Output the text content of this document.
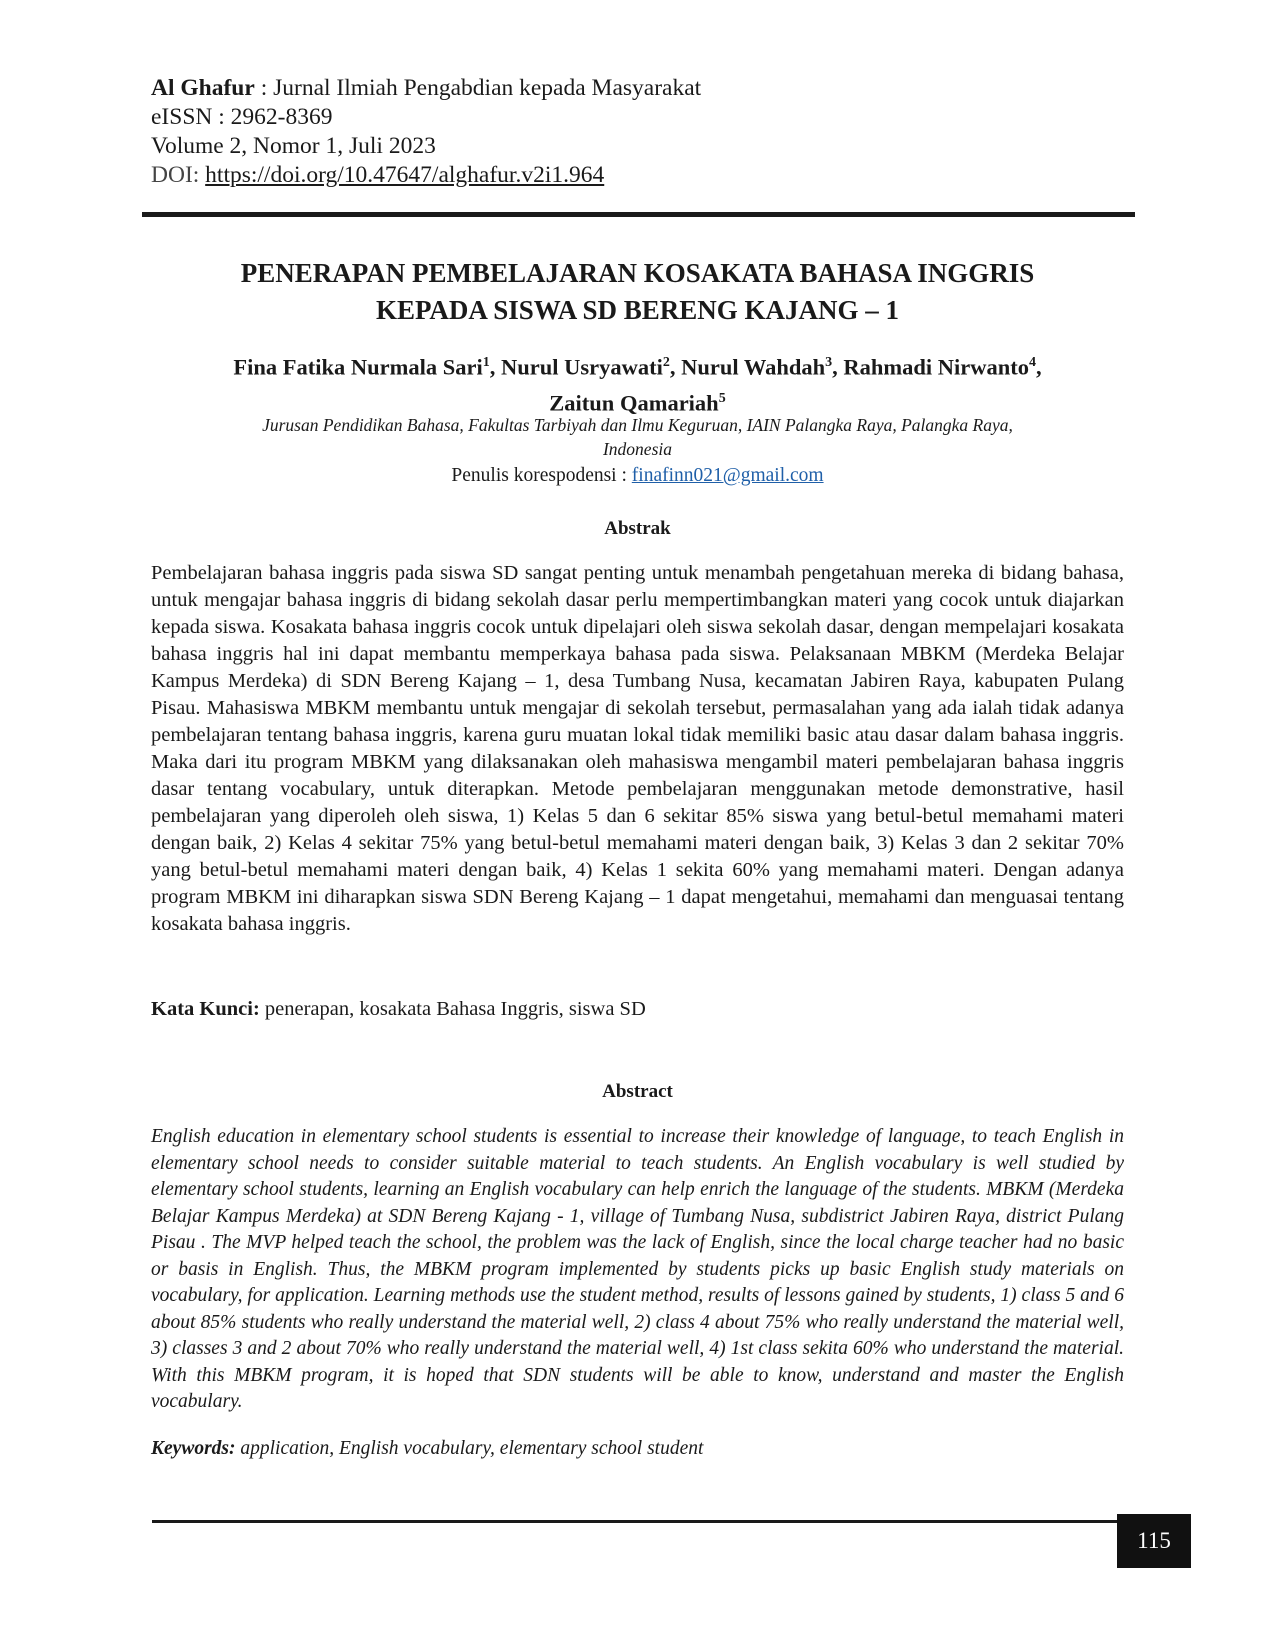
Al Ghafur : Jurnal Ilmiah Pengabdian kepada Masyarakat
eISSN : 2962-8369
Volume 2, Nomor 1, Juli 2023
DOI: https://doi.org/10.47647/alghafur.v2i1.964
PENERAPAN PEMBELAJARAN KOSAKATA BAHASA INGGRIS
KEPADA SISWA SD BERENG KAJANG – 1
Fina Fatika Nurmala Sari$^1$, Nurul Usryawati$^2$, Nurul Wahdah$^3$, Rahmadi Nirwanto$^4$,
Zaitun Qamariah$^5$
Jurusan Pendidikan Bahasa, Fakultas Tarbiyah dan Ilmu Keguruan, IAIN Palangka Raya, Palangka Raya,
Indonesia
Penulis korespodensi : finafinn021@gmail.com
Abstrak
Pembelajaran bahasa inggris pada siswa SD sangat penting untuk menambah pengetahuan mereka di bidang bahasa, untuk mengajar bahasa inggris di bidang sekolah dasar perlu mempertimbangkan materi yang cocok untuk diajarkan kepada siswa. Kosakata bahasa inggris cocok untuk dipelajari oleh siswa sekolah dasar, dengan mempelajari kosakata bahasa inggris hal ini dapat membantu memperkaya bahasa pada siswa. Pelaksanaan MBKM (Merdeka Belajar Kampus Merdeka) di SDN Bereng Kajang – 1, desa Tumbang Nusa, kecamatan Jabiren Raya, kabupaten Pulang Pisau. Mahasiswa MBKM membantu untuk mengajar di sekolah tersebut, permasalahan yang ada ialah tidak adanya pembelajaran tentang bahasa inggris, karena guru muatan lokal tidak memiliki basic atau dasar dalam bahasa inggris. Maka dari itu program MBKM yang dilaksanakan oleh mahasiswa mengambil materi pembelajaran bahasa inggris dasar tentang vocabulary, untuk diterapkan. Metode pembelajaran menggunakan metode demonstrative, hasil pembelajaran yang diperoleh oleh siswa, 1) Kelas 5 dan 6 sekitar 85% siswa yang betul-betul memahami materi dengan baik, 2) Kelas 4 sekitar 75% yang betul-betul memahami materi dengan baik, 3) Kelas 3 dan 2 sekitar 70% yang betul-betul memahami materi dengan baik, 4) Kelas 1 sekita 60% yang memahami materi. Dengan adanya program MBKM ini diharapkan siswa SDN Bereng Kajang – 1 dapat mengetahui, memahami dan menguasai tentang kosakata bahasa inggris.
Kata Kunci: penerapan, kosakata Bahasa Inggris, siswa SD
Abstract
English education in elementary school students is essential to increase their knowledge of language, to teach English in elementary school needs to consider suitable material to teach students. An English vocabulary is well studied by elementary school students, learning an English vocabulary can help enrich the language of the students. MBKM (Merdeka Belajar Kampus Merdeka) at SDN Bereng Kajang - 1, village of Tumbang Nusa, subdistrict Jabiren Raya, district Pulang Pisau . The MVP helped teach the school, the problem was the lack of English, since the local charge teacher had no basic or basis in English. Thus, the MBKM program implemented by students picks up basic English study materials on vocabulary, for application. Learning methods use the student method, results of lessons gained by students, 1) class 5 and 6 about 85% students who really understand the material well, 2) class 4 about 75% who really understand the material well, 3) classes 3 and 2 about 70% who really understand the material well, 4) 1st class sekita 60% who understand the material. With this MBKM program, it is hoped that SDN students will be able to know, understand and master the English vocabulary.
Keywords: application, English vocabulary, elementary school student
115
